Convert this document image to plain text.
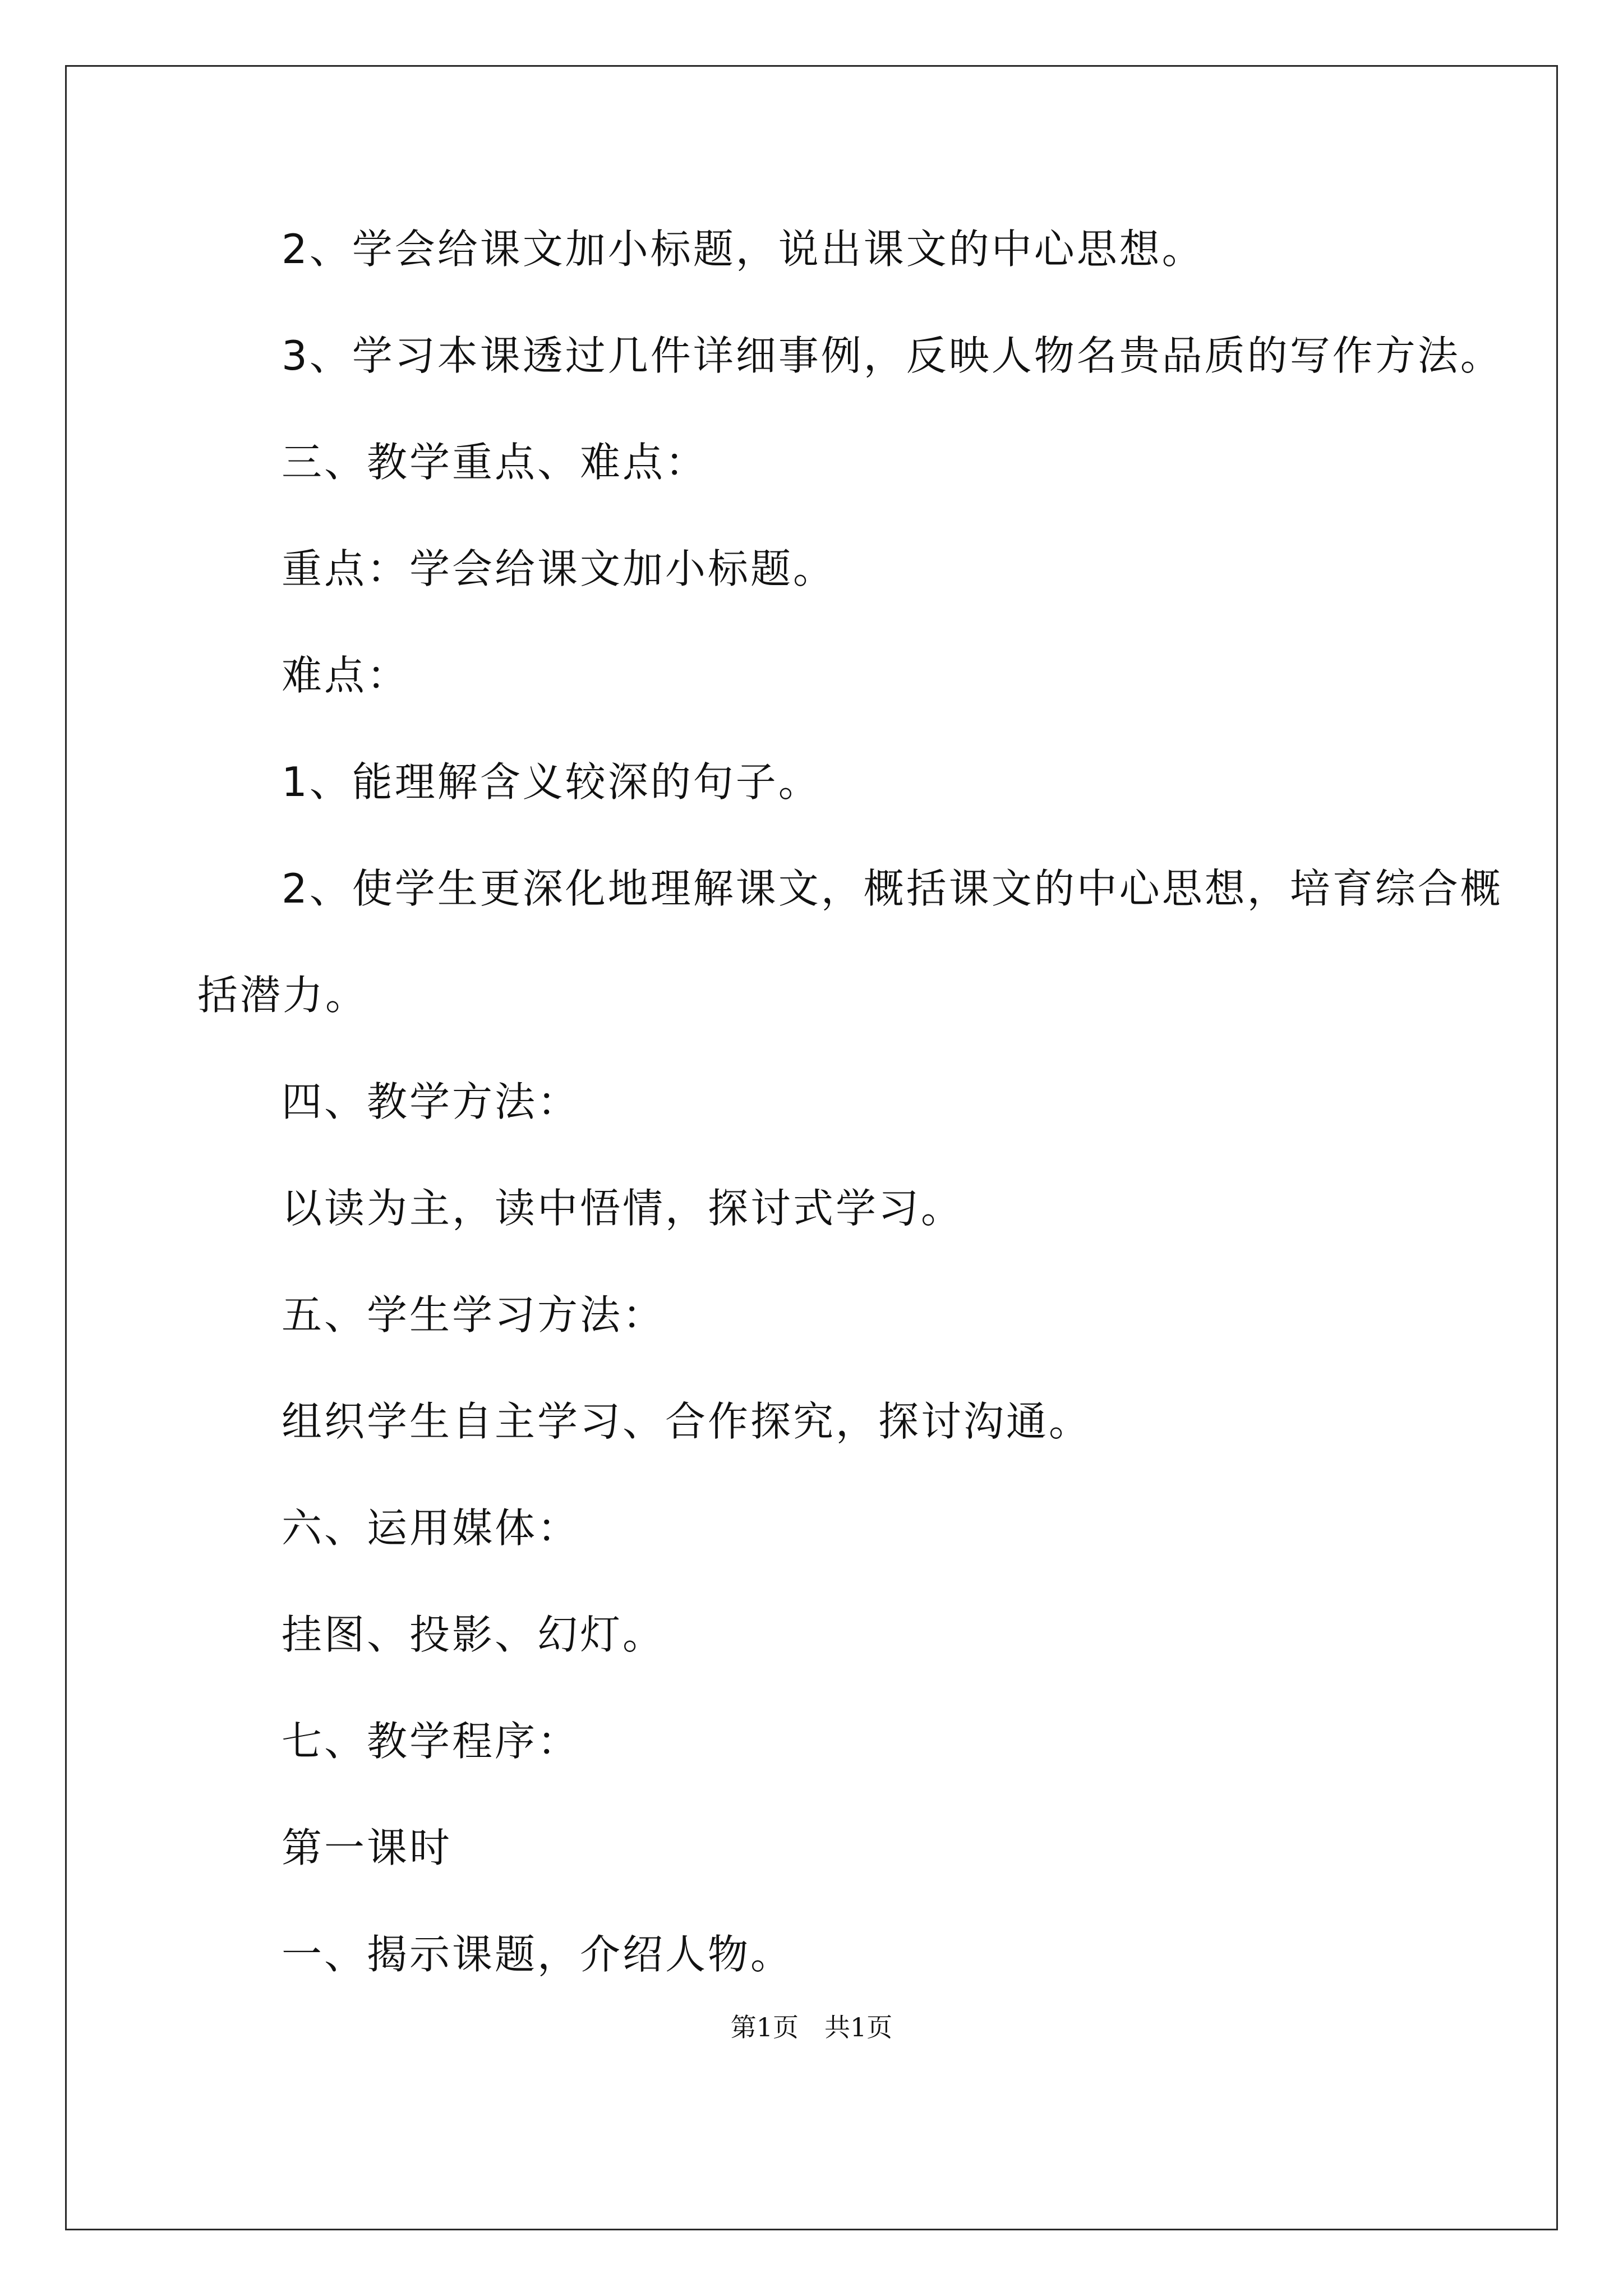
2、学会给课文加小标题，说出课文的中心思想。
3、学习本课透过几件详细事例，反映人物名贵品质的写作方法。
三、教学重点、难点：
重点：学会给课文加小标题。
难点：
1、能理解含义较深的句子。
2、使学生更深化地理解课文，概括课文的中心思想，培育综合概
括潜力。
四、教学方法：
以读为主，读中悟情，探讨式学习。
五、学生学习方法：
组织学生自主学习、合作探究，探讨沟通。
六、运用媒体：
挂图、投影、幻灯。
七、教学程序：
第一课时
一、揭示课题，介绍人物。
第1页　共1页
